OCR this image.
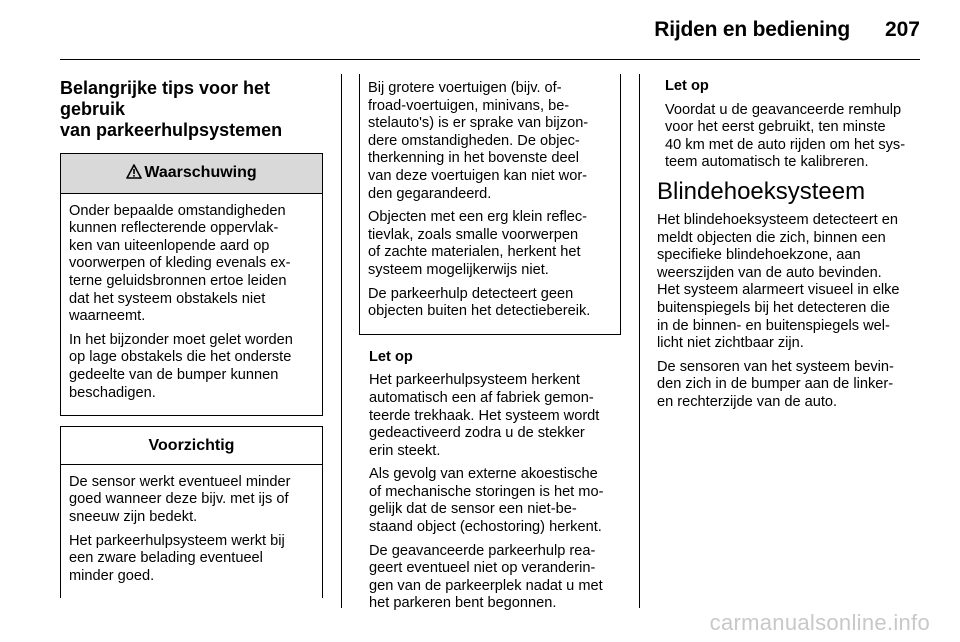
Rijden en bediening 207
Belangrijke tips voor het gebruik
van parkeerhulpsystemen
Waarschuwing

Onder bepaalde omstandigheden
kunnen reflecterende oppervlak-
ken van uiteenlopende aard op
voorwerpen of kleding evenals ex-
terne geluidsbronnen ertoe leiden
dat het systeem obstakels niet
waarneemt.

In het bijzonder moet gelet worden
op lage obstakels die het onderste
gedeelte van de bumper kunnen
beschadigen.

Voorzichtig

De sensor werkt eventueel minder
goed wanneer deze bijv. met ijs of
sneeuw zijn bedekt.

Het parkeerhulpsysteem werkt bij
een zware belading eventueel
minder goed.

Bij grotere voertuigen (bijv. of-
froad-voertuigen, minivans, be-
stelauto's) is er sprake van bijzon-
dere omstandigheden. De objec-
therkenning in het bovenste deel
van deze voertuigen kan niet wor-
den gegarandeerd.

Objecten met een erg klein reflec-
tievlak, zoals smalle voorwerpen
of zachte materialen, herkent het
systeem mogelijkerwijs niet.

De parkeerhulp detecteert geen
objecten buiten het detectiebereik.

Let op

Het parkeerhulpsysteem herkent
automatisch een af fabriek gemon-
teerde trekhaak. Het systeem wordt
gedeactiveerd zodra u de stekker
erin steekt.

Als gevolg van externe akoestische
of mechanische storingen is het mo-
gelijk dat de sensor een niet-be-
staand object (echostoring) herkent.

De geavanceerde parkeerhulp rea-
geert eventueel niet op veranderin-
gen van de parkeerplek nadat u met
het parkeren bent begonnen.

Let op

Voordat u de geavanceerde remhulp
voor het eerst gebruikt, ten minste
40 km met de auto rijden om het sys-
teem automatisch te kalibreren.

Blindehoeksysteem

Het blindehoeksysteem detecteert en
meldt objecten die zich, binnen een
specifieke blindehoekzone, aan
weerszijden van de auto bevinden.
Het systeem alarmeert visueel in elke
buitenspiegels bij het detecteren die
in de binnen- en buitenspiegels wel-
licht niet zichtbaar zijn.

De sensoren van het systeem bevin-
den zich in de bumper aan de linker-
en rechterzijde van de auto.

carmanualsonline.info
